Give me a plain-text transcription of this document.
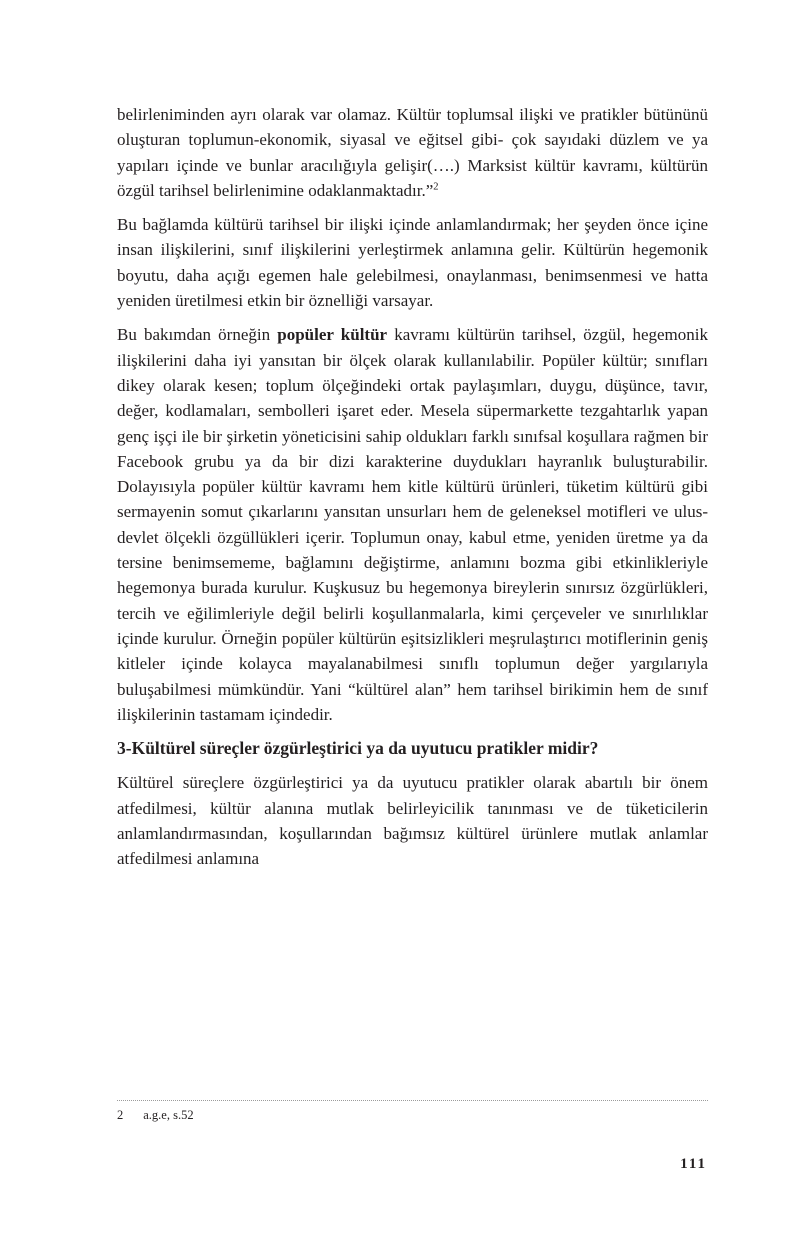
belirleniminden ayrı olarak var olamaz. Kültür toplumsal ilişki ve pratikler bütününü oluşturan toplumun-ekonomik, siyasal ve eğitsel gibi- çok sayıdaki düzlem ve ya yapıları içinde ve bunlar aracılığıyla gelişir(….) Marksist kültür kavramı, kültürün özgül tarihsel belirlenimine odaklanmaktadır.”$^2$

Bu bağlamda kültürü tarihsel bir ilişki içinde anlamlandırmak; her şeyden önce içine insan ilişkilerini, sınıf ilişkilerini yerleştirmek anlamına gelir. Kültürün hegemonik boyutu, daha açığı egemen hale gelebilmesi, onaylanması, benimsenmesi ve hatta yeniden üretilmesi etkin bir öznelliği varsayar.

Bu bakımdan örneğin popüler kültür kavramı kültürün tarihsel, özgül, hegemonik ilişkilerini daha iyi yansıtan bir ölçek olarak kullanılabilir. Popüler kültür; sınıfları dikey olarak kesen; toplum ölçeğindeki ortak paylaşımları, duygu, düşünce, tavır, değer, kodlamaları, sembolleri işaret eder. Mesela süpermarkette tezgahtarlık yapan genç işçi ile bir şirketin yöneticisini sahip oldukları farklı sınıfsal koşullara rağmen bir Facebook grubu ya da bir dizi karakterine duydukları hayranlık buluşturabilir. Dolayısıyla popüler kültür kavramı hem kitle kültürü ürünleri, tüketim kültürü gibi sermayenin somut çıkarlarını yansıtan unsurları hem de geleneksel motifleri ve ulus-devlet ölçekli özgüllükleri içerir. Toplumun onay, kabul etme, yeniden üretme ya da tersine benimsememe, bağlamını değiştirme, anlamını bozma gibi etkinlikleriyle hegemonya burada kurulur. Kuşkusuz bu hegemonya bireylerin sınırsız özgürlükleri, tercih ve eğilimleriyle değil belirli koşullanmalarla, kimi çerçeveler ve sınırlılıklar içinde kurulur. Örneğin popüler kültürün eşitsizlikleri meşrulaştırıcı motiflerinin geniş kitleler içinde kolayca mayalanabilmesi sınıflı toplumun değer yargılarıyla buluşabilmesi mümkündür. Yani “kültürel alan” hem tarihsel birikimin hem de sınıf ilişkilerinin tastamam içindedir.

3-Kültürel süreçler özgürleştirici ya da uyutucu pratikler midir?

Kültürel süreçlere özgürleştirici ya da uyutucu pratikler olarak abartılı bir önem atfedilmesi, kültür alanına mutlak belirleyicilik tanınması ve de tüketicilerin anlamlandırmasından, koşullarından bağımsız kültürel ürünlere mutlak anlamlar atfedilmesi anlamına

2 a.g.e, s.52
111
